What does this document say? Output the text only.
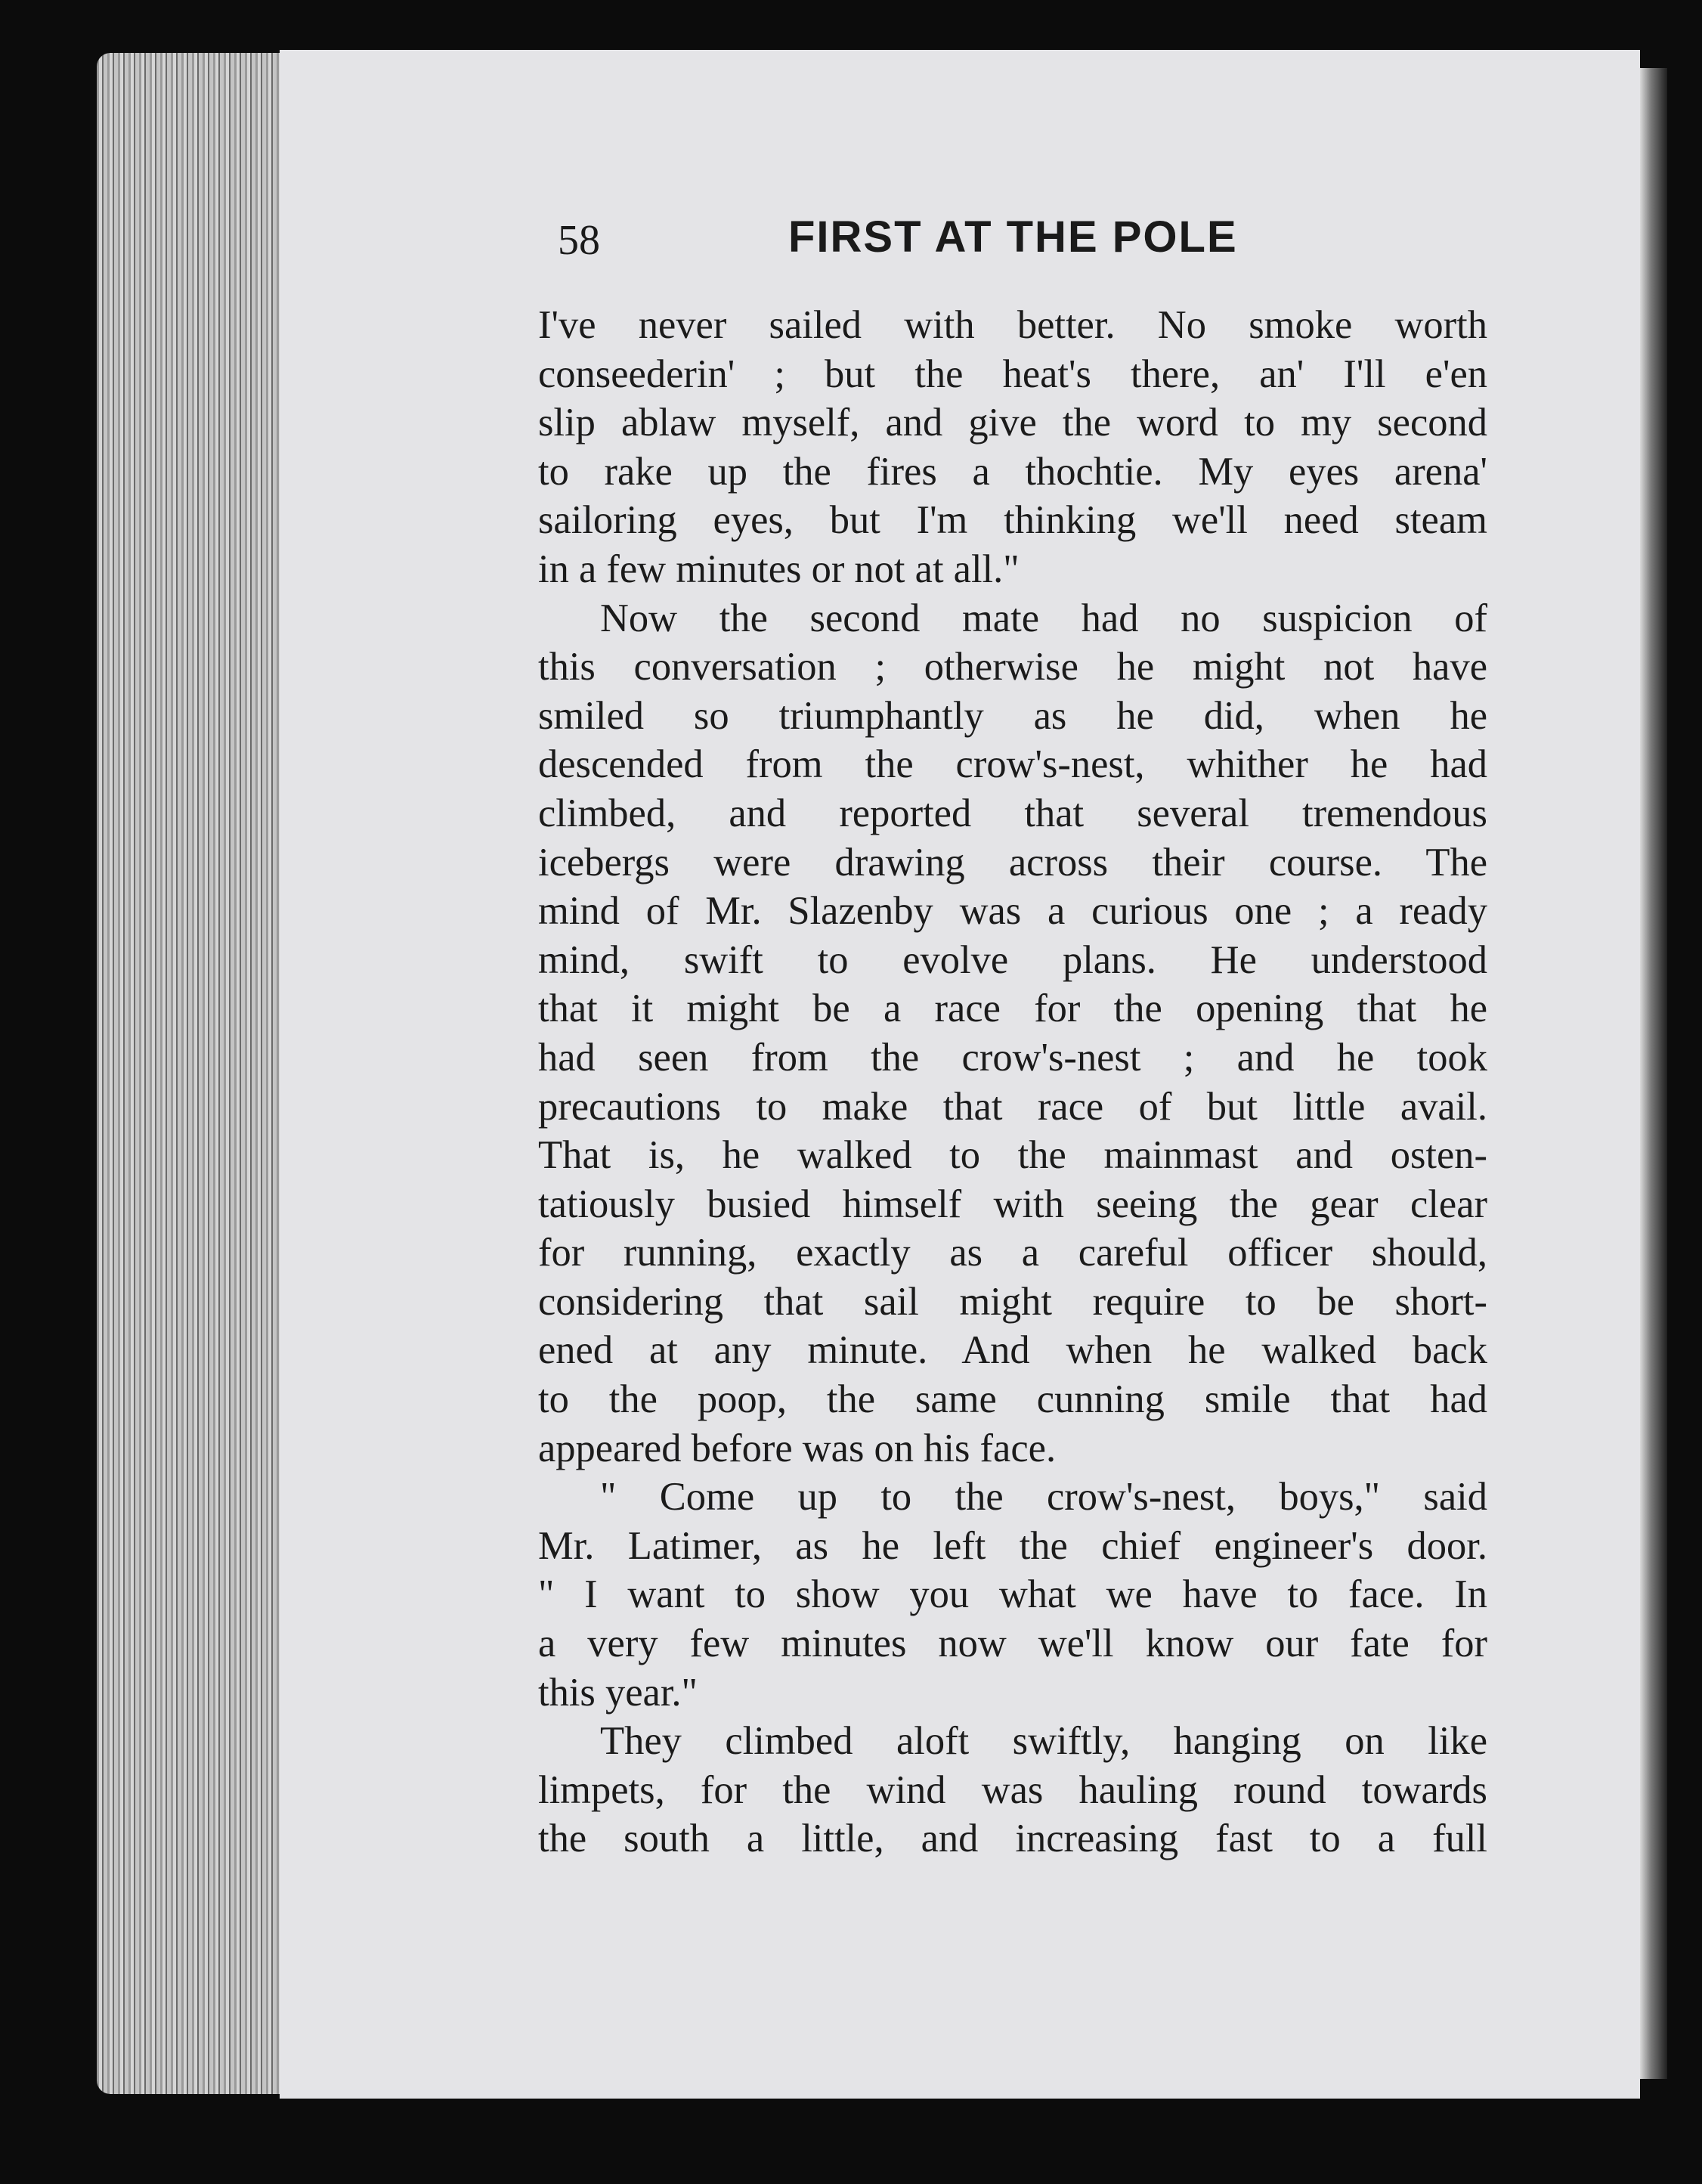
58	FIRST AT THE POLE
I've never sailed with better. No smoke worth
conseederin' ; but the heat's there, an' I'll e'en
slip ablaw myself, and give the word to my second
to rake up the fires a thochtie. My eyes arena'
sailoring eyes, but I'm thinking we'll need steam
in a few minutes or not at all."
Now the second mate had no suspicion of
this conversation ; otherwise he might not have
smiled so triumphantly as he did, when he
descended from the crow's-nest, whither he had
climbed, and reported that several tremendous
icebergs were drawing across their course. The
mind of Mr. Slazenby was a curious one ; a ready
mind, swift to evolve plans. He understood
that it might be a race for the opening that he
had seen from the crow's-nest ; and he took
precautions to make that race of but little avail.
That is, he walked to the mainmast and osten-
tatiously busied himself with seeing the gear clear
for running, exactly as a careful officer should,
considering that sail might require to be short-
ened at any minute. And when he walked back
to the poop, the same cunning smile that had
appeared before was on his face.
" Come up to the crow's-nest, boys," said
Mr. Latimer, as he left the chief engineer's door.
" I want to show you what we have to face. In
a very few minutes now we'll know our fate for
this year."
They climbed aloft swiftly, hanging on like
limpets, for the wind was hauling round towards
the south a little, and increasing fast to a full
